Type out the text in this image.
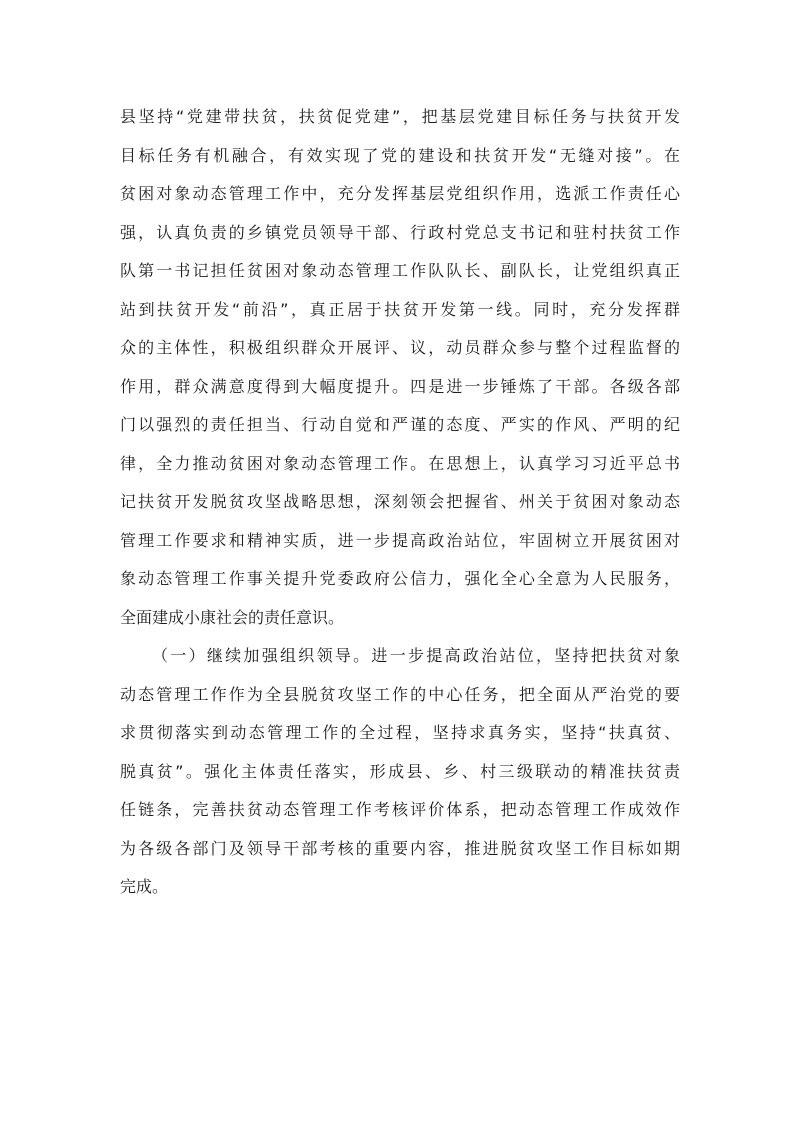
县坚持“党建带扶贫，扶贫促党建”，把基层党建目标任务与扶贫开发
目标任务有机融合，有效实现了党的建设和扶贫开发“无缝对接”。在
贫困对象动态管理工作中，充分发挥基层党组织作用，选派工作责任心
强，认真负责的乡镇党员领导干部、行政村党总支书记和驻村扶贫工作
队第一书记担任贫困对象动态管理工作队队长、副队长，让党组织真正
站到扶贫开发“前沿”，真正居于扶贫开发第一线。同时，充分发挥群
众的主体性，积极组织群众开展评、议，动员群众参与整个过程监督的
作用，群众满意度得到大幅度提升。四是进一步锤炼了干部。各级各部
门以强烈的责任担当、行动自觉和严谨的态度、严实的作风、严明的纪
律，全力推动贫困对象动态管理工作。在思想上，认真学习习近平总书
记扶贫开发脱贫攻坚战略思想，深刻领会把握省、州关于贫困对象动态
管理工作要求和精神实质，进一步提高政治站位，牢固树立开展贫困对
象动态管理工作事关提升党委政府公信力，强化全心全意为人民服务，
全面建成小康社会的责任意识。
（一）继续加强组织领导。进一步提高政治站位，坚持把扶贫对象
动态管理工作作为全县脱贫攻坚工作的中心任务，把全面从严治党的要
求贯彻落实到动态管理工作的全过程，坚持求真务实，坚持“扶真贫、
脱真贫”。强化主体责任落实，形成县、乡、村三级联动的精准扶贫责
任链条，完善扶贫动态管理工作考核评价体系，把动态管理工作成效作
为各级各部门及领导干部考核的重要内容，推进脱贫攻坚工作目标如期
完成。
